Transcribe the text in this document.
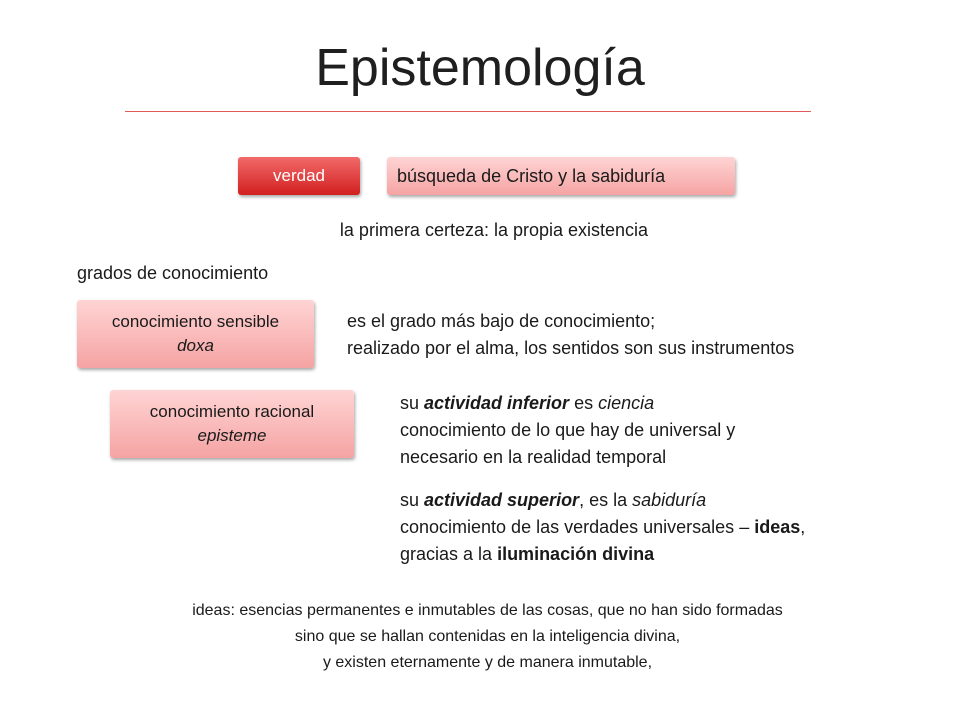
Epistemología
verdad	búsqueda de Cristo y la sabiduría
la primera certeza: la propia existencia
grados de conocimiento
conocimiento sensible
doxa
es el grado más bajo de conocimiento;
realizado por el alma, los sentidos son sus instrumentos
conocimiento racional
episteme
su actividad inferior es ciencia
conocimiento de lo que hay de universal y
necesario en la realidad temporal
su actividad superior, es la sabiduría
conocimiento de las verdades universales – ideas,
gracias a la iluminación divina
ideas: esencias permanentes e inmutables de las cosas, que no han sido formadas
sino que se hallan contenidas en la inteligencia divina,
y existen eternamente y de manera inmutable,
